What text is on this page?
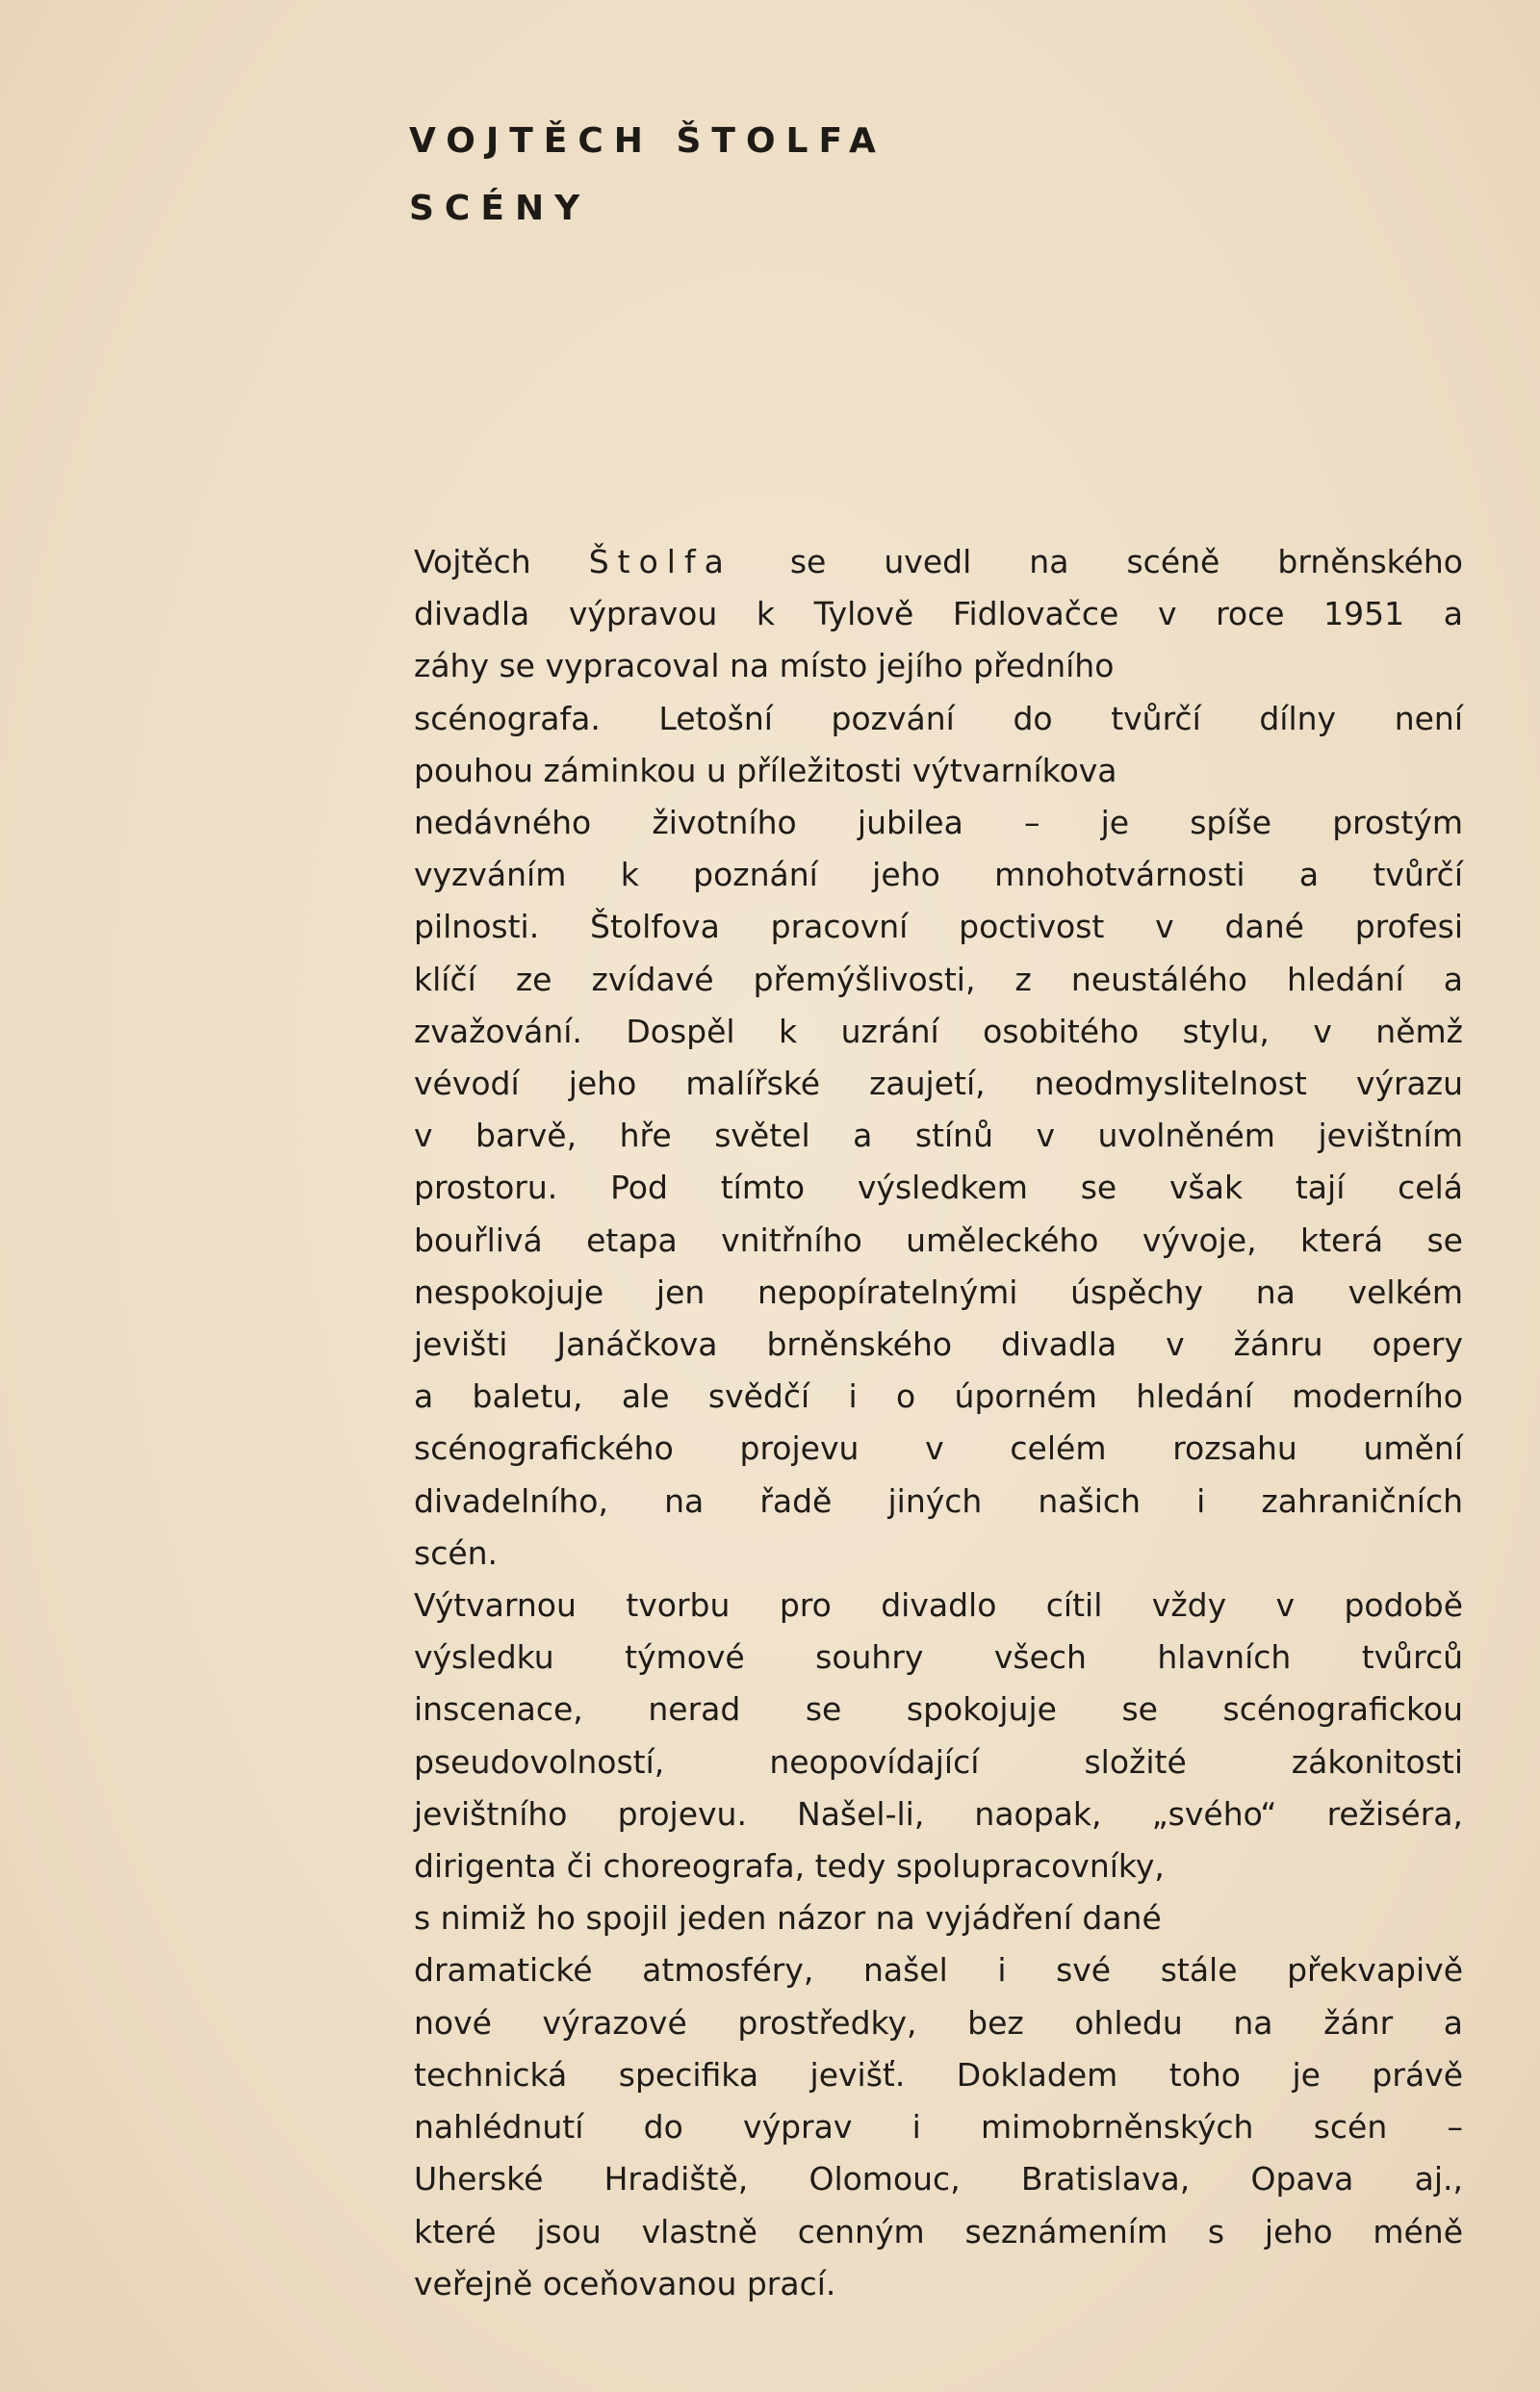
VOJTĚCH ŠTOLFA
SCÉNY
Vojtěch Štolfa se uvedl na scéně brněnského
divadla výpravou k Tylově Fidlovačce v roce 1951 a
záhy se vypracoval na místo jejího předního
scénografa. Letošní pozvání do tvůrčí dílny není
pouhou záminkou u příležitosti výtvarníkova
nedávného životního jubilea – je spíše prostým
vyzváním k poznání jeho mnohotvárnosti a tvůrčí
pilnosti. Štolfova pracovní poctivost v dané profesi
klíčí ze zvídavé přemýšlivosti, z neustálého hledání a
zvažování. Dospěl k uzrání osobitého stylu, v němž
vévodí jeho malířské zaujetí, neodmyslitelnost výrazu
v barvě, hře světel a stínů v uvolněném jevištním
prostoru. Pod tímto výsledkem se však tají celá
bouřlivá etapa vnitřního uměleckého vývoje, která se
nespokojuje jen nepopíratelnými úspěchy na velkém
jevišti Janáčkova brněnského divadla v žánru opery
a baletu, ale svědčí i o úporném hledání moderního
scénografického projevu v celém rozsahu umění
divadelního, na řadě jiných našich i zahraničních
scén.
Výtvarnou tvorbu pro divadlo cítil vždy v podobě
výsledku týmové souhry všech hlavních tvůrců
inscenace, nerad se spokojuje se scénografickou
pseudovolností, neopovídající složité zákonitosti
jevištního projevu. Našel-li, naopak, „svého“ režiséra,
dirigenta či choreografa, tedy spolupracovníky,
s nimiž ho spojil jeden názor na vyjádření dané
dramatické atmosféry, našel i své stále překvapivě
nové výrazové prostředky, bez ohledu na žánr a
technická specifika jevišť. Dokladem toho je právě
nahlédnutí do výprav i mimobrněnských scén –
Uherské Hradiště, Olomouc, Bratislava, Opava aj.,
které jsou vlastně cenným seznámením s jeho méně
veřejně oceňovanou prací.
